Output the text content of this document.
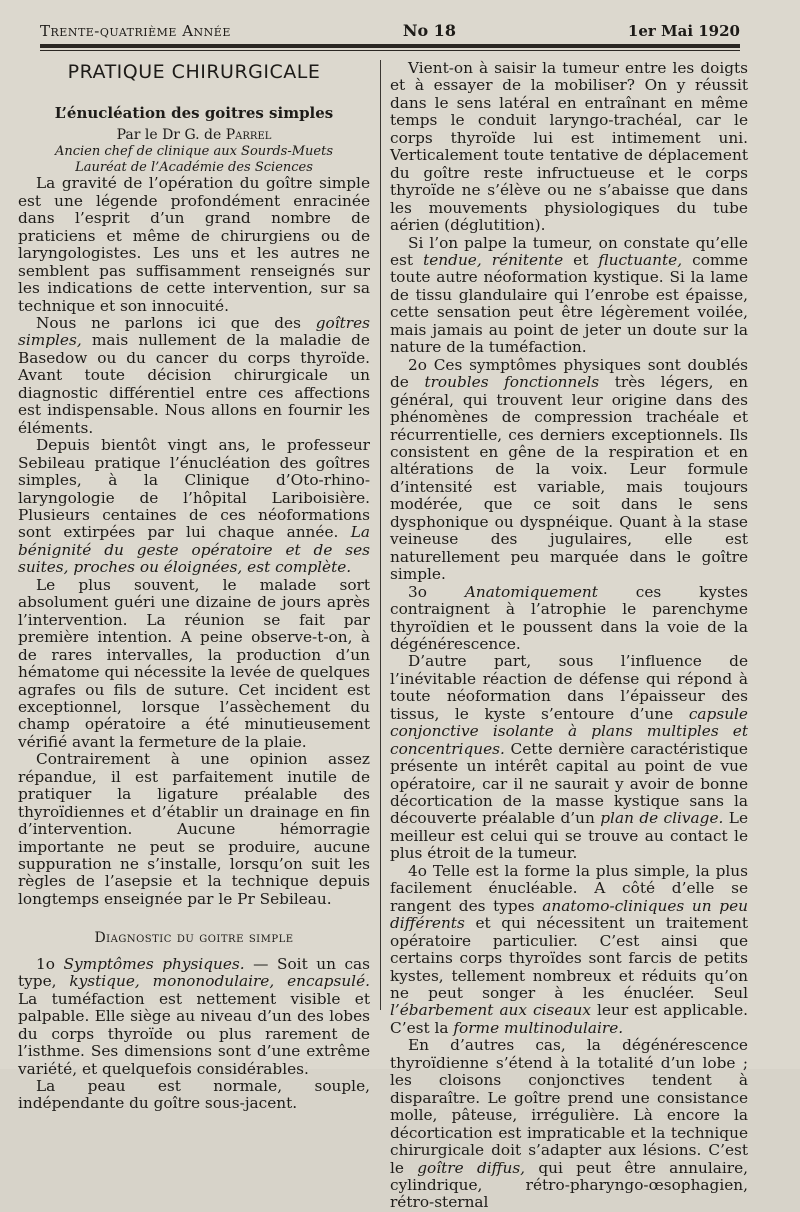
Trente-quatrième Année	No 18	1er Mai 1920
PRATIQUE CHIRURGICALE
L’énucléation des goitres simples

Par le Dr G. de Parrel

Ancien chef de clinique aux Sourds-Muets

Lauréat de l’Académie des Sciences

La gravité de l’opération du goître simple est une légende profondément enracinée dans l’esprit d’un grand nombre de praticiens et même de chirurgiens ou de laryngologistes. Les uns et les autres ne semblent pas suffisamment renseignés sur les indications de cette intervention, sur sa technique et son innocuité.

Nous ne parlons ici que des goîtres simples, mais nullement de la maladie de Basedow ou du cancer du corps thyroïde. Avant toute décision chirurgicale un diagnostic différentiel entre ces affections est indispensable. Nous allons en fournir les éléments.

Depuis bientôt vingt ans, le professeur Sebileau pratique l’énucléation des goîtres simples, à la Clinique d’Oto-rhino-laryngologie de l’hôpital Lariboisière. Plusieurs centaines de ces néoformations sont extirpées par lui chaque année. La bénignité du geste opératoire et de ses suites, proches ou éloignées, est complète.

Le plus souvent, le malade sort absolument guéri une dizaine de jours après l’intervention. La réunion se fait par première intention. A peine observe-t-on, à de rares intervalles, la production d’un hématome qui nécessite la levée de quelques agrafes ou fils de suture. Cet incident est exceptionnel, lorsque l’assèchement du champ opératoire a été minutieusement vérifié avant la fermeture de la plaie.

Contrairement à une opinion assez répandue, il est parfaitement inutile de pratiquer la ligature préalable des thyroïdiennes et d’établir un drainage en fin d’intervention. Aucune hémorragie importante ne peut se produire, aucune suppuration ne s’installe, lorsqu’on suit les règles de l’asepsie et la technique depuis longtemps enseignée par le Pr Sebileau.

Diagnostic du goitre simple

1o Symptômes physiques. — Soit un cas type, kystique, mononodulaire, encapsulé. La tuméfaction est nettement visible et palpable. Elle siège au niveau d’un des lobes du corps thyroïde ou plus rarement de l’isthme. Ses dimensions sont d’une extrême variété, et quelquefois considérables.

La peau est normale, souple, indépendante du goître sous-jacent.

Vient-on à saisir la tumeur entre les doigts et à essayer de la mobiliser? On y réussit dans le sens latéral en entraînant en même temps le conduit laryngo-trachéal, car le corps thyroïde lui est intimement uni. Verticalement toute tentative de déplacement du goître reste infructueuse et le corps thyroïde ne s’élève ou ne s’abaisse que dans les mouvements physiologiques du tube aérien (déglutition).

Si l’on palpe la tumeur, on constate qu’elle est tendue, rénitente et fluctuante, comme toute autre néoformation kystique. Si la lame de tissu glandulaire qui l’enrobe est épaisse, cette sensation peut être légèrement voilée, mais jamais au point de jeter un doute sur la nature de la tuméfaction.

2o Ces symptômes physiques sont doublés de troubles fonctionnels très légers, en général, qui trouvent leur origine dans des phénomènes de compression trachéale et récurrentielle, ces derniers exceptionnels. Ils consistent en gêne de la respiration et en altérations de la voix. Leur formule d’intensité est variable, mais toujours modérée, que ce soit dans le sens dysphonique ou dyspnéique. Quant à la stase veineuse des jugulaires, elle est naturellement peu marquée dans le goître simple.

3o Anatomiquement ces kystes contraignent à l’atrophie le parenchyme thyroïdien et le poussent dans la voie de la dégénérescence.

D’autre part, sous l’influence de l’inévitable réaction de défense qui répond à toute néoformation dans l’épaisseur des tissus, le kyste s’entoure d’une capsule conjonctive isolante à plans multiples et concentriques. Cette dernière caractéristique présente un intérêt capital au point de vue opératoire, car il ne saurait y avoir de bonne décortication de la masse kystique sans la découverte préalable d’un plan de clivage. Le meilleur est celui qui se trouve au contact le plus étroit de la tumeur.

4o Telle est la forme la plus simple, la plus facilement énucléable. A côté d’elle se rangent des types anatomo-cliniques un peu différents et qui nécessitent un traitement opératoire particulier. C’est ainsi que certains corps thyroïdes sont farcis de petits kystes, tellement nombreux et réduits qu’on ne peut songer à les énucléer. Seul l’ébarbement aux ciseaux leur est applicable. C’est la forme multinodulaire.

En d’autres cas, la dégénérescence thyroïdienne s’étend à la totalité d’un lobe ; les cloisons conjonctives tendent à disparaître. Le goître prend une consistance molle, pâteuse, irrégulière. Là encore la décortication est impraticable et la technique chirurgicale doit s’adapter aux lésions. C’est le goître diffus, qui peut être annulaire, cylindrique, rétro-pharyngo-œsophagien, rétro-sternal
